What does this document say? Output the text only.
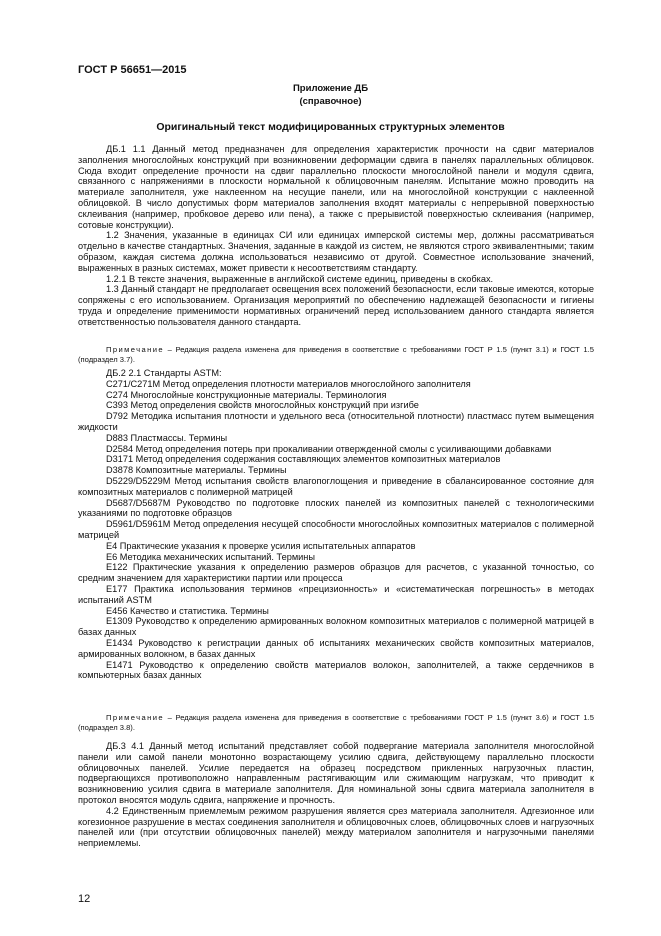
ГОСТ Р 56651—2015
Приложение ДБ
(справочное)
Оригинальный текст модифицированных структурных элементов

ДБ.1 1.1 Данный метод предназначен для определения характеристик прочности на сдвиг материалов заполнения многослойных конструкций при возникновении деформации сдвига в панелях параллельных облицовок. Сюда входит определение прочности на сдвиг параллельно плоскости многослойной панели и модуля сдвига, связанного с напряжениями в плоскости нормальной к облицовочным панелям. Испытание можно проводить на материале заполнителя, уже наклеенном на несущие панели, или на многослойной конструкции с наклеенной облицовкой. В число допустимых форм материалов заполнения входят материалы с непрерывной поверхностью склеивания (например, пробковое дерево или пена), а также с прерывистой поверхностью склеивания (например, сотовые конструкции).

1.2 Значения, указанные в единицах СИ или единицах имперской системы мер, должны рассматриваться отдельно в качестве стандартных. Значения, заданные в каждой из систем, не являются строго эквивалентными; таким образом, каждая система должна использоваться независимо от другой. Совместное использование значений, выраженных в разных системах, может привести к несоответствиям стандарту.

1.2.1 В тексте значения, выраженные в английской системе единиц, приведены в скобках.

1.3 Данный стандарт не предполагает освещения всех положений безопасности, если таковые имеются, которые сопряжены с его использованием. Организация мероприятий по обеспечению надлежащей безопасности и гигиены труда и определение применимости нормативных ограничений перед использованием данного стандарта является ответственностью пользователя данного стандарта.

Примечание – Редакция раздела изменена для приведения в соответствие с требованиями ГОСТ Р 1.5 (пункт 3.1) и ГОСТ 1.5 (подраздел 3.7).

ДБ.2 2.1 Стандарты ASTM:

C271/C271M Метод определения плотности материалов многослойного заполнителя

C274 Многослойные конструкционные материалы. Терминология

C393 Метод определения свойств многослойных конструкций при изгибе

D792 Методика испытания плотности и удельного веса (относительной плотности) пластмасс путем вымещения жидкости

D883 Пластмассы. Термины

D2584 Метод определения потерь при прокаливании отвержденной смолы с усиливающими добавками

D3171 Метод определения содержания составляющих элементов композитных материалов

D3878 Композитные материалы. Термины

D5229/D5229M Метод испытания свойств влагопоглощения и приведение в сбалансированное состояние для композитных материалов с полимерной матрицей

D5687/D5687M Руководство по подготовке плоских панелей из композитных панелей с технологическими указаниями по подготовке образцов

D5961/D5961M Метод определения несущей способности многослойных композитных материалов с полимерной матрицей

E4 Практические указания к проверке усилия испытательных аппаратов

E6 Методика механических испытаний. Термины

E122 Практические указания к определению размеров образцов для расчетов, с указанной точностью, со средним значением для характеристики партии или процесса

E177 Практика использования терминов «прецизионность» и «систематическая погрешность» в методах испытаний ASTM

E456 Качество и статистика. Термины

E1309 Руководство к определению армированных волокном композитных материалов с полимерной матрицей в базах данных

E1434 Руководство к регистрации данных об испытаниях механических свойств композитных материалов, армированных волокном, в базах данных

E1471 Руководство к определению свойств материалов волокон, заполнителей, а также сердечников в компьютерных базах данных

Примечание – Редакция раздела изменена для приведения в соответствие с требованиями ГОСТ Р 1.5 (пункт 3.6) и ГОСТ 1.5 (подраздел 3.8).

ДБ.3 4.1 Данный метод испытаний представляет собой подвергание материала заполнителя многослойной панели или самой панели монотонно возрастающему усилию сдвига, действующему параллельно плоскости облицовочных панелей. Усилие передается на образец посредством прикленных нагрузочных пластин, подвергающихся противоположно направленным растягивающим или сжимающим нагрузкам, что приводит к возникновению усилия сдвига в материале заполнителя. Для номинальной зоны сдвига материала заполнителя в протокол вносятся модуль сдвига, напряжение и прочность.

4.2 Единственным приемлемым режимом разрушения является срез материала заполнителя. Адгезионное или когезионное разрушение в местах соединения заполнителя и облицовочных слоев, облицовочных слоев и нагрузочных панелей или (при отсутствии облицовочных панелей) между материалом заполнителя и нагрузочными панелями неприемлемы.

12
